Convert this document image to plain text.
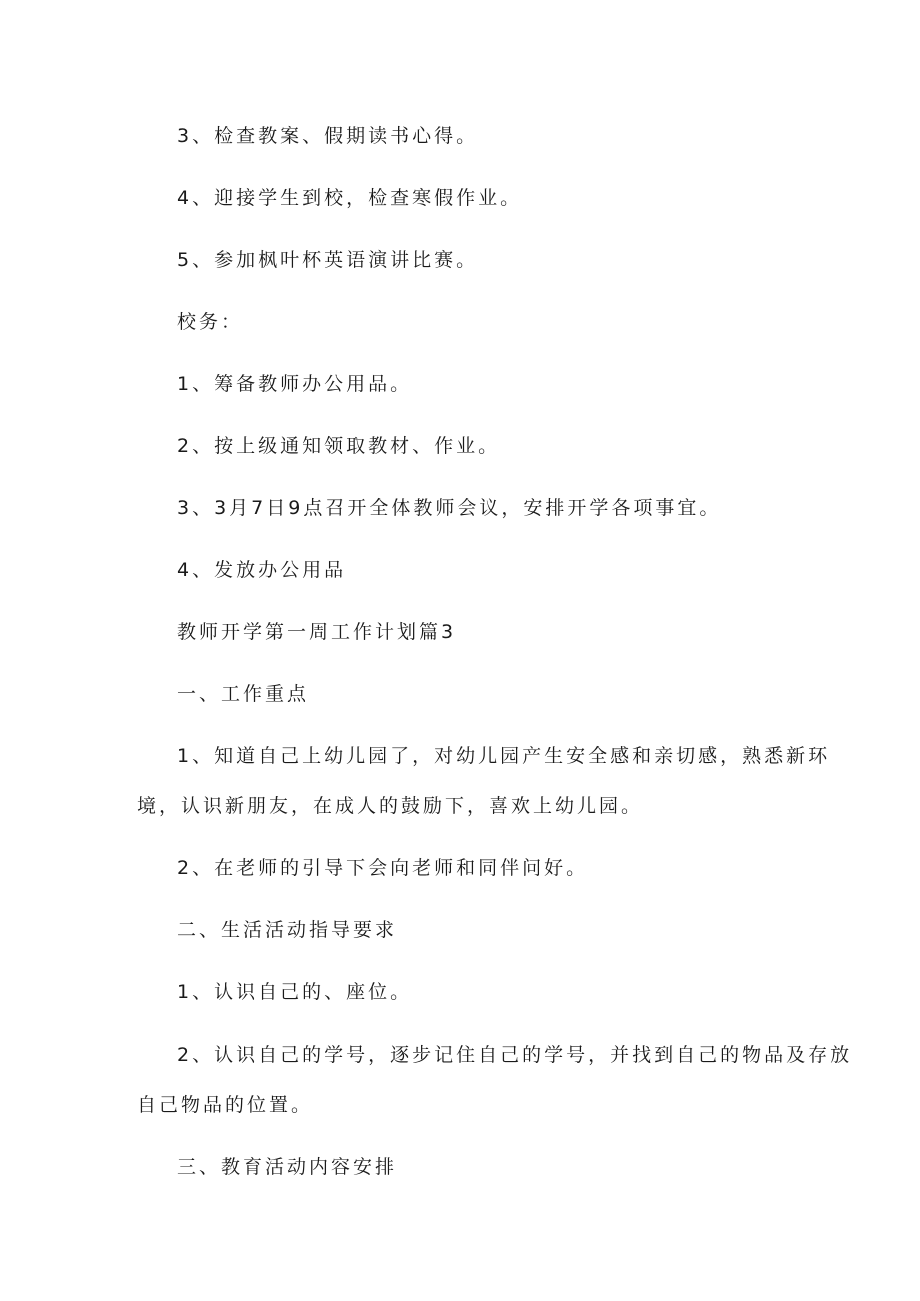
3、检查教案、假期读书心得。
4、迎接学生到校，检查寒假作业。
5、参加枫叶杯英语演讲比赛。
校务：
1、筹备教师办公用品。
2、按上级通知领取教材、作业。
3、3月7日9点召开全体教师会议，安排开学各项事宜。
4、发放办公用品
教师开学第一周工作计划篇3
一、工作重点
1、知道自己上幼儿园了，对幼儿园产生安全感和亲切感，熟悉新环
境，认识新朋友，在成人的鼓励下，喜欢上幼儿园。
2、在老师的引导下会向老师和同伴问好。
二、生活活动指导要求
1、认识自己的、座位。
2、认识自己的学号，逐步记住自己的学号，并找到自己的物品及存放
自己物品的位置。
三、教育活动内容安排
